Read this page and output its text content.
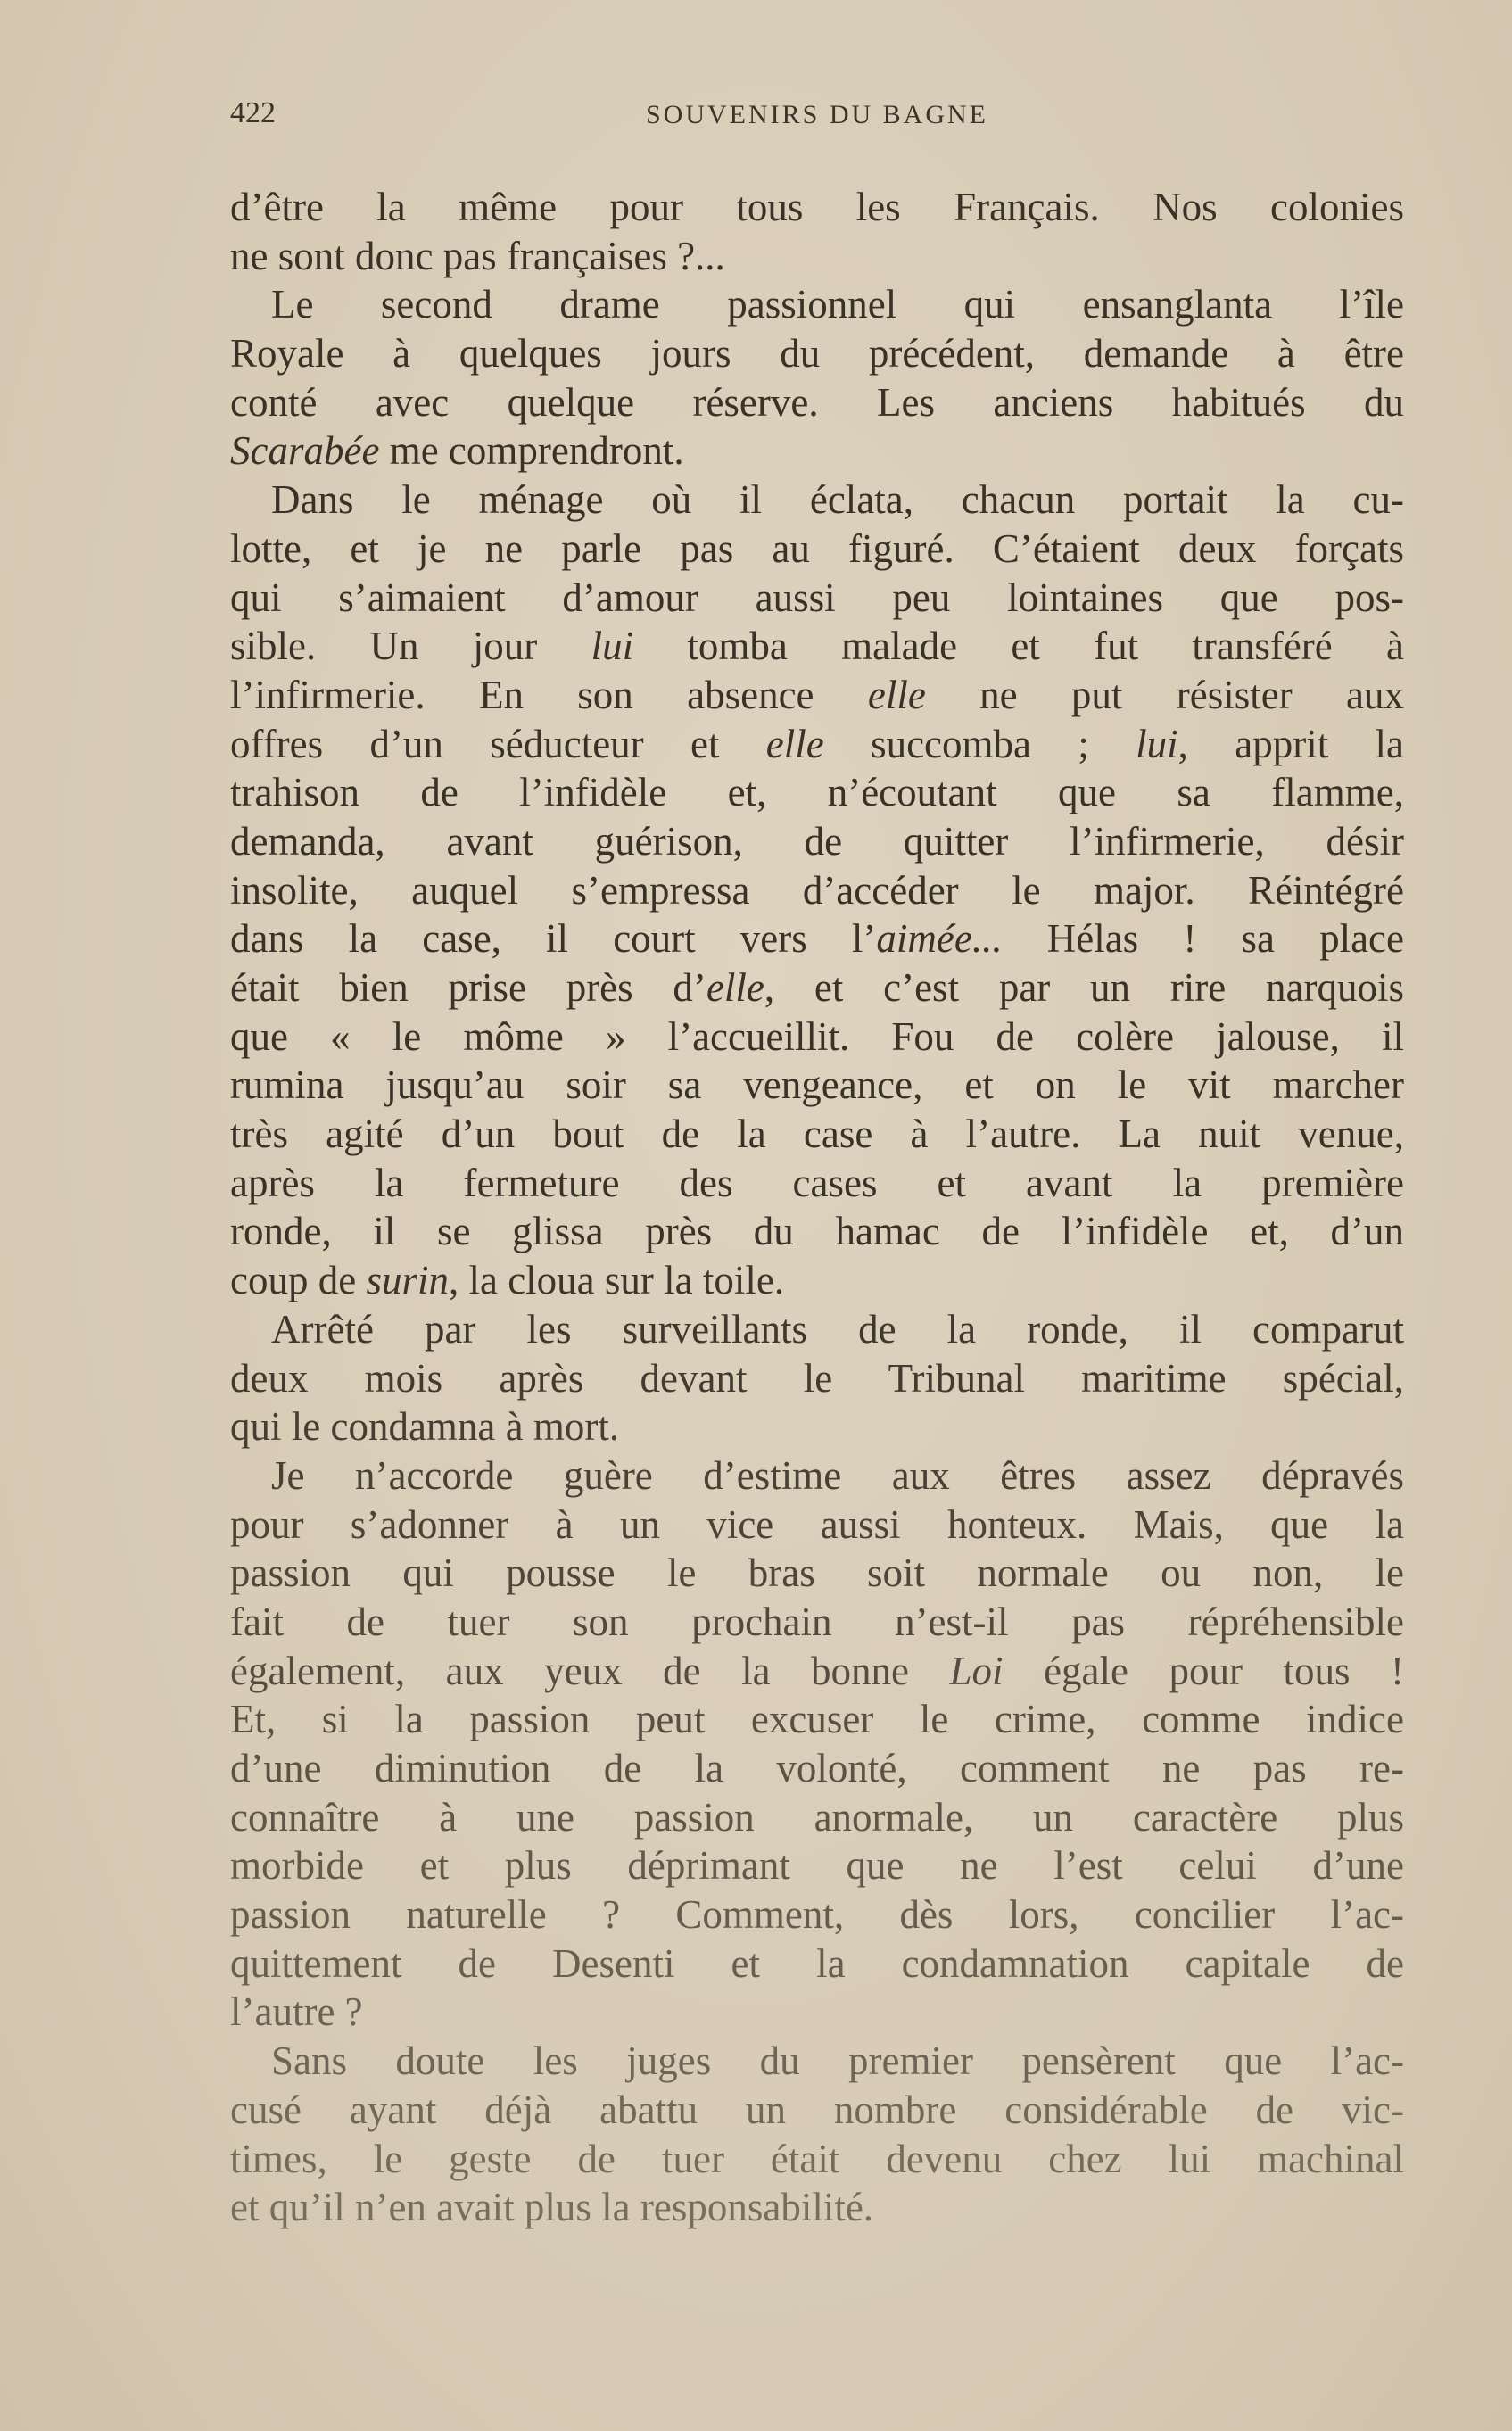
422	SOUVENIRS DU BAGNE
d’être la même pour tous les Français. Nos colonies
ne sont donc pas françaises ?...
Le second drame passionnel qui ensanglanta l’île
Royale à quelques jours du précédent, demande à être
conté avec quelque réserve. Les anciens habitués du
Scarabée me comprendront.
Dans le ménage où il éclata, chacun portait la cu-
lotte, et je ne parle pas au figuré. C’étaient deux forçats
qui s’aimaient d’amour aussi peu lointaines que pos-
sible. Un jour lui tomba malade et fut transféré à
l’infirmerie. En son absence elle ne put résister aux
offres d’un séducteur et elle succomba ; lui, apprit la
trahison de l’infidèle et, n’écoutant que sa flamme,
demanda, avant guérison, de quitter l’infirmerie, désir
insolite, auquel s’empressa d’accéder le major. Réintégré
dans la case, il court vers l’aimée... Hélas ! sa place
était bien prise près d’elle, et c’est par un rire narquois
que « le môme » l’accueillit. Fou de colère jalouse, il
rumina jusqu’au soir sa vengeance, et on le vit marcher
très agité d’un bout de la case à l’autre. La nuit venue,
après la fermeture des cases et avant la première
ronde, il se glissa près du hamac de l’infidèle et, d’un
coup de surin, la cloua sur la toile.
Arrêté par les surveillants de la ronde, il comparut
deux mois après devant le Tribunal maritime spécial,
qui le condamna à mort.
Je n’accorde guère d’estime aux êtres assez dépravés
pour s’adonner à un vice aussi honteux. Mais, que la
passion qui pousse le bras soit normale ou non, le
fait de tuer son prochain n’est-il pas répréhensible
également, aux yeux de la bonne Loi égale pour tous !
Et, si la passion peut excuser le crime, comme indice
d’une diminution de la volonté, comment ne pas re-
connaître à une passion anormale, un caractère plus
morbide et plus déprimant que ne l’est celui d’une
passion naturelle ? Comment, dès lors, concilier l’ac-
quittement de Desenti et la condamnation capitale de
l’autre ?
Sans doute les juges du premier pensèrent que l’ac-
cusé ayant déjà abattu un nombre considérable de vic-
times, le geste de tuer était devenu chez lui machinal
et qu’il n’en avait plus la responsabilité.
